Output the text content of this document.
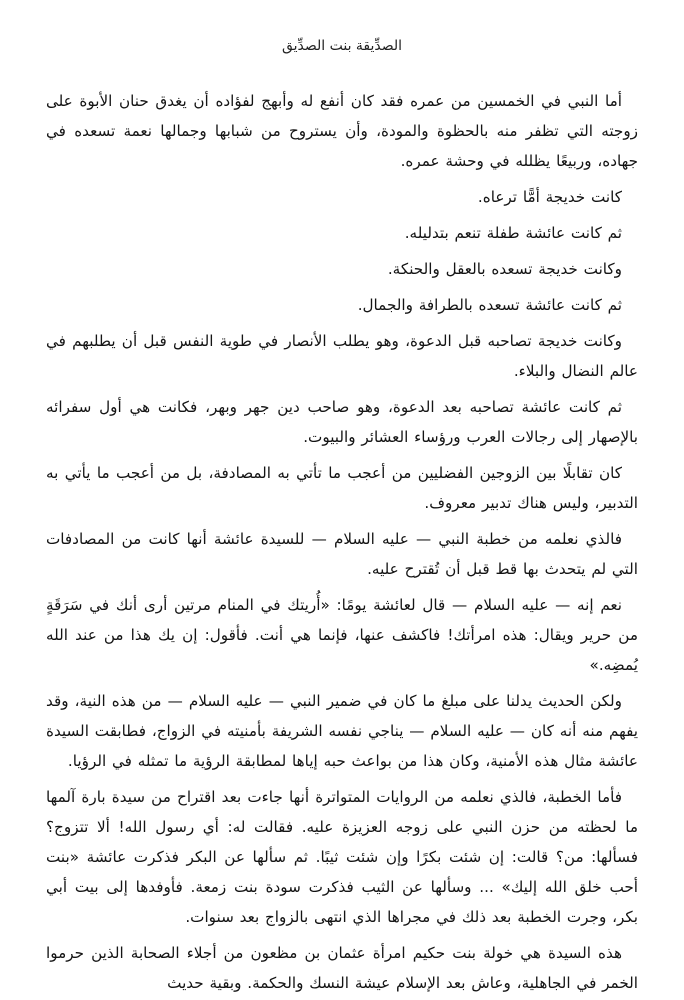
الصدِّيقة بنت الصدِّيق

أما النبي في الخمسين من عمره فقد كان أنفع له وأبهج لفؤاده أن يغدق حنان الأبوة على زوجته التي تظفر منه بالحظوة والمودة، وأن يستروح من شبابها وجمالها نعمة تسعده في جهاده، وربيعًا يظلله في وحشة عمره.

كانت خديجة أمًّا ترعاه.

ثم كانت عائشة طفلة تنعم بتدليله.

وكانت خديجة تسعده بالعقل والحنكة.

ثم كانت عائشة تسعده بالطرافة والجمال.

وكانت خديجة تصاحبه قبل الدعوة، وهو يطلب الأنصار في طوية النفس قبل أن يطلبهم في عالم النضال والبلاء.

ثم كانت عائشة تصاحبه بعد الدعوة، وهو صاحب دين جهر وبهر، فكانت هي أول سفرائه بالإصهار إلى رجالات العرب ورؤساء العشائر والبيوت.

كان تقابلًا بين الزوجين الفضليين من أعجب ما تأتي به المصادفة، بل من أعجب ما يأتي به التدبير، وليس هناك تدبير معروف.

فالذي نعلمه من خطبة النبي — عليه السلام — للسيدة عائشة أنها كانت من المصادفات التي لم يتحدث بها قط قبل أن تُقترح عليه.

نعم إنه — عليه السلام — قال لعائشة يومًا: «أُريتك في المنام مرتين أرى أنك في سَرَقَةٍ من حرير ويقال: هذه امرأتك! فاكشف عنها، فإنما هي أنت. فأقول: إن يك هذا من عند الله يُمضِه.»

ولكن الحديث يدلنا على مبلغ ما كان في ضمير النبي — عليه السلام — من هذه النية، وقد يفهم منه أنه كان — عليه السلام — يناجي نفسه الشريفة بأمنيته في الزواج، فطابقت السيدة عائشة مثال هذه الأمنية، وكان هذا من بواعث حبه إياها لمطابقة الرؤية ما تمثله في الرؤيا.

فأما الخطبة، فالذي نعلمه من الروايات المتواترة أنها جاءت بعد اقتراح من سيدة بارة آلمها ما لحظته من حزن النبي على زوجه العزيزة عليه. فقالت له: أي رسول الله! ألا تتزوج؟ فسألها: من؟ قالت: إن شئت بكرًا وإن شئت ثيبًا. ثم سألها عن البكر فذكرت عائشة «بنت أحب خلق الله إليك» ... وسألها عن الثيب فذكرت سودة بنت زمعة. فأوفدها إلى بيت أبي بكر، وجرت الخطبة بعد ذلك في مجراها الذي انتهى بالزواج بعد سنوات.

هذه السيدة هي خولة بنت حكيم امرأة عثمان بن مظعون من أجلاء الصحابة الذين حرموا الخمر في الجاهلية، وعاش بعد الإسلام عيشة النسك والحكمة. وبقية حديث
